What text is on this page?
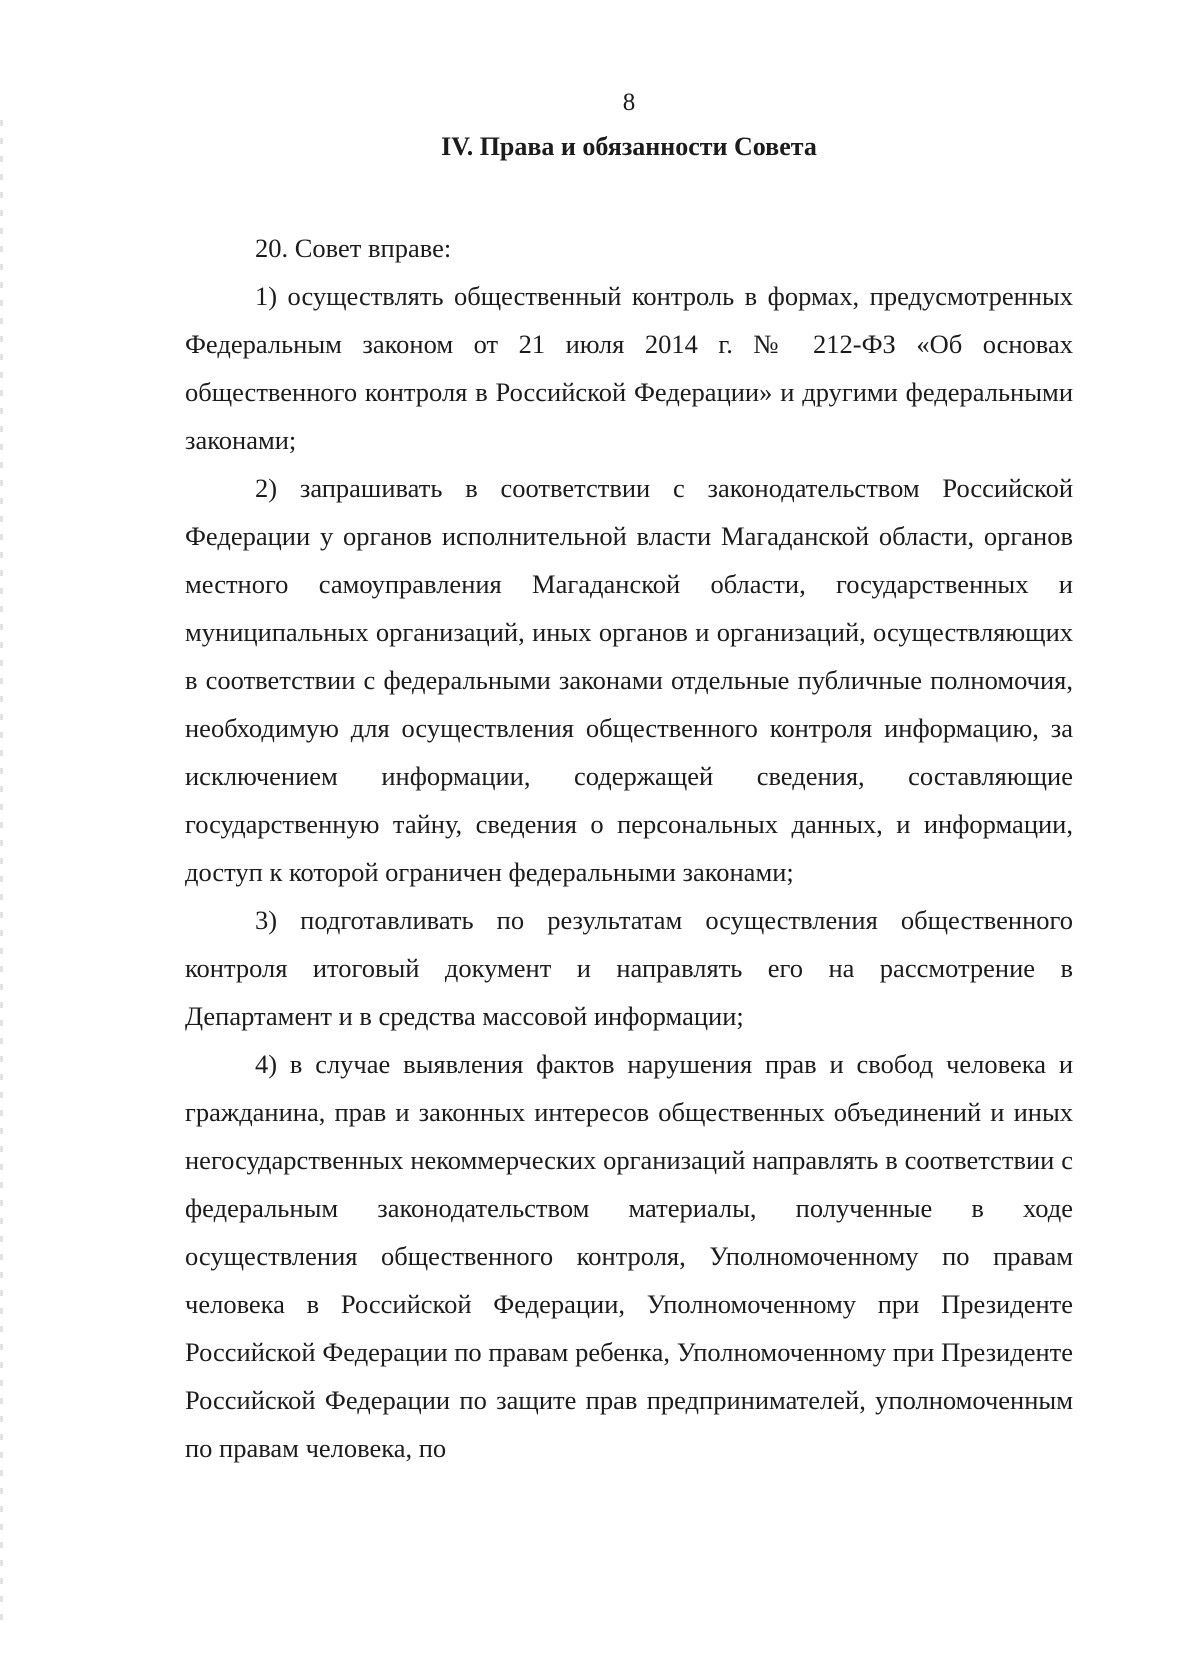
8
IV. Права и обязанности Совета

20. Совет вправе:

1) осуществлять общественный контроль в формах, предусмотренных Федеральным законом от 21 июля 2014 г. № 212-ФЗ «Об основах общественного контроля в Российской Федерации» и другими федеральными законами;

2) запрашивать в соответствии с законодательством Российской Федерации у органов исполнительной власти Магаданской области, органов местного самоуправления Магаданской области, государственных и муниципальных организаций, иных органов и организаций, осуществляющих в соответствии с федеральными законами отдельные публичные полномочия, необходимую для осуществления общественного контроля информацию, за исключением информации, содержащей сведения, составляющие государственную тайну, сведения о персональных данных, и информации, доступ к которой ограничен федеральными законами;

3) подготавливать по результатам осуществления общественного контроля итоговый документ и направлять его на рассмотрение в Департамент и в средства массовой информации;

4) в случае выявления фактов нарушения прав и свобод человека и гражданина, прав и законных интересов общественных объединений и иных негосударственных некоммерческих организаций направлять в соответствии с федеральным законодательством материалы, полученные в ходе осуществления общественного контроля, Уполномоченному по правам человека в Российской Федерации, Уполномоченному при Президенте Российской Федерации по правам ребенка, Уполномоченному при Президенте Российской Федерации по защите прав предпринимателей, уполномоченным по правам человека, по
